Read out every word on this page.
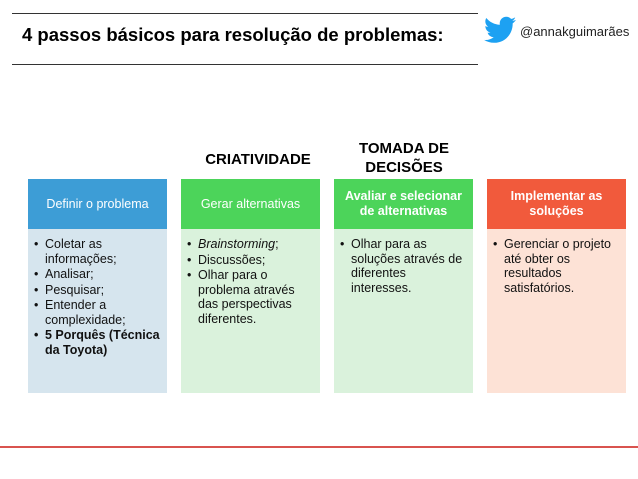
4 passos básicos para resolução de problemas:	@annakguimarães
CRIATIVIDADE
TOMADA DE
DECISÕES
Definir o problema
• Coletar as informações;
• Analisar;
• Pesquisar;
• Entender a complexidade;
• 5 Porquês (Técnica da Toyota)
Gerar alternativas
• Brainstorming;
• Discussões;
• Olhar para o problema através das perspectivas diferentes.
Avaliar e selecionar de alternativas
• Olhar para as soluções através de diferentes interesses.
Implementar as soluções
• Gerenciar o projeto até obter os resultados satisfatórios.
